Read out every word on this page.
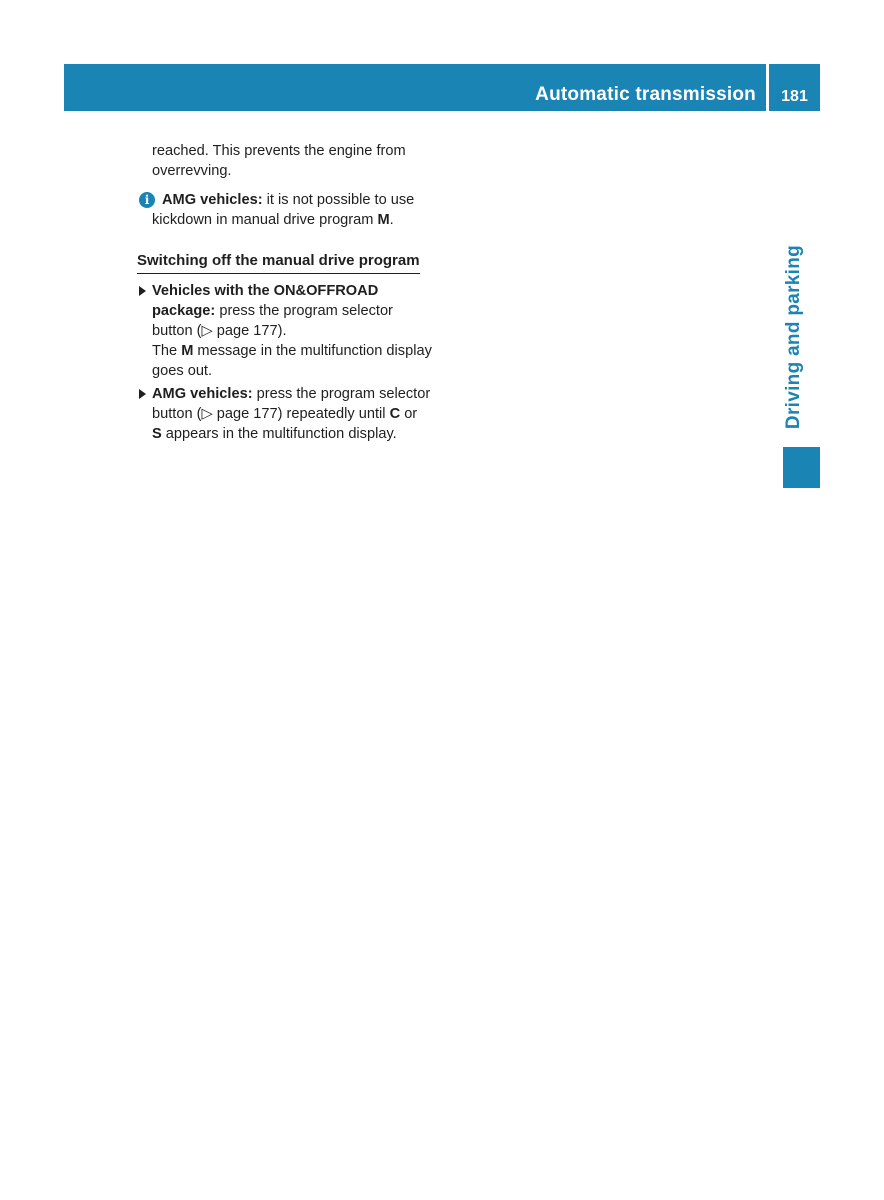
Automatic transmission	181
Driving and parking

reached. This prevents the engine from
overrevving.

i AMG vehicles: it is not possible to use
kickdown in manual drive program M.
Switching off the manual drive program
Vehicles with the ON&OFFROAD
package: press the program selector
button (▷ page 177).
The M message in the multifunction display
goes out.
AMG vehicles: press the program selector
button (▷ page 177) repeatedly until C or
S appears in the multifunction display.
